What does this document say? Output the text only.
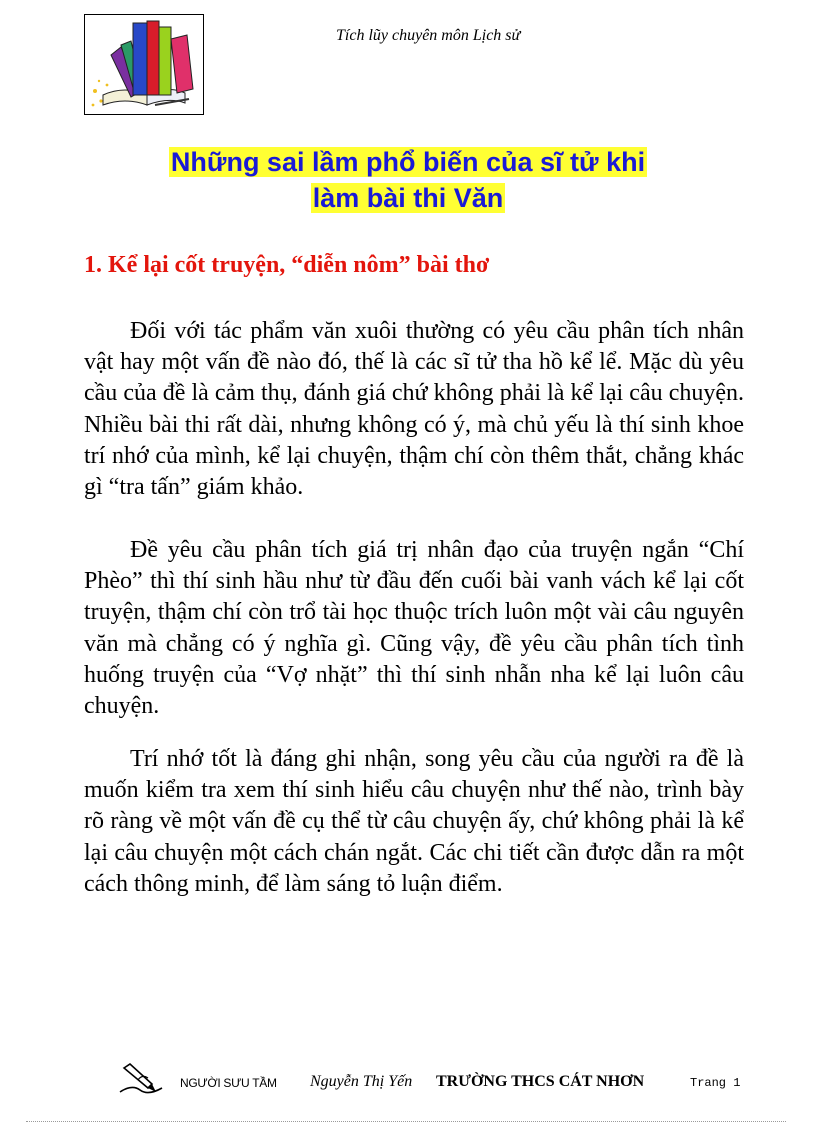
Tích lũy chuyên môn Lịch sử
Những sai lầm phổ biến của sĩ tử khi
làm bài thi Văn
1. Kể lại cốt truyện, “diễn nôm” bài thơ

Đối với tác phẩm văn xuôi thường có yêu cầu phân tích nhân vật hay một vấn đề nào đó, thế là các sĩ tử tha hồ kể lể. Mặc dù yêu cầu của đề là cảm thụ, đánh giá chứ không phải là kể lại câu chuyện. Nhiều bài thi rất dài, nhưng không có ý, mà chủ yếu là thí sinh khoe trí nhớ của mình, kể lại chuyện, thậm chí còn thêm thắt, chẳng khác gì “tra tấn” giám khảo.

Đề yêu cầu phân tích giá trị nhân đạo của truyện ngắn “Chí Phèo” thì thí sinh hầu như từ đầu đến cuối bài vanh vách kể lại cốt truyện, thậm chí còn trổ tài học thuộc trích luôn một vài câu nguyên văn mà chẳng có ý nghĩa gì. Cũng vậy, đề yêu cầu phân tích tình huống truyện của “Vợ nhặt” thì thí sinh nhẫn nha kể lại luôn câu chuyện.

Trí nhớ tốt là đáng ghi nhận, song yêu cầu của người ra đề là muốn kiểm tra xem thí sinh hiểu câu chuyện như thế nào, trình bày rõ ràng về một vấn đề cụ thể từ câu chuyện ấy, chứ không phải là kể lại câu chuyện một cách chán ngắt. Các chi tiết cần được dẫn ra một cách thông minh, để làm sáng tỏ luận điểm.

NGƯỜI SƯU TẦM Nguyễn Thị Yến TRƯỜNG THCS CÁT NHƠN	Trang 1
